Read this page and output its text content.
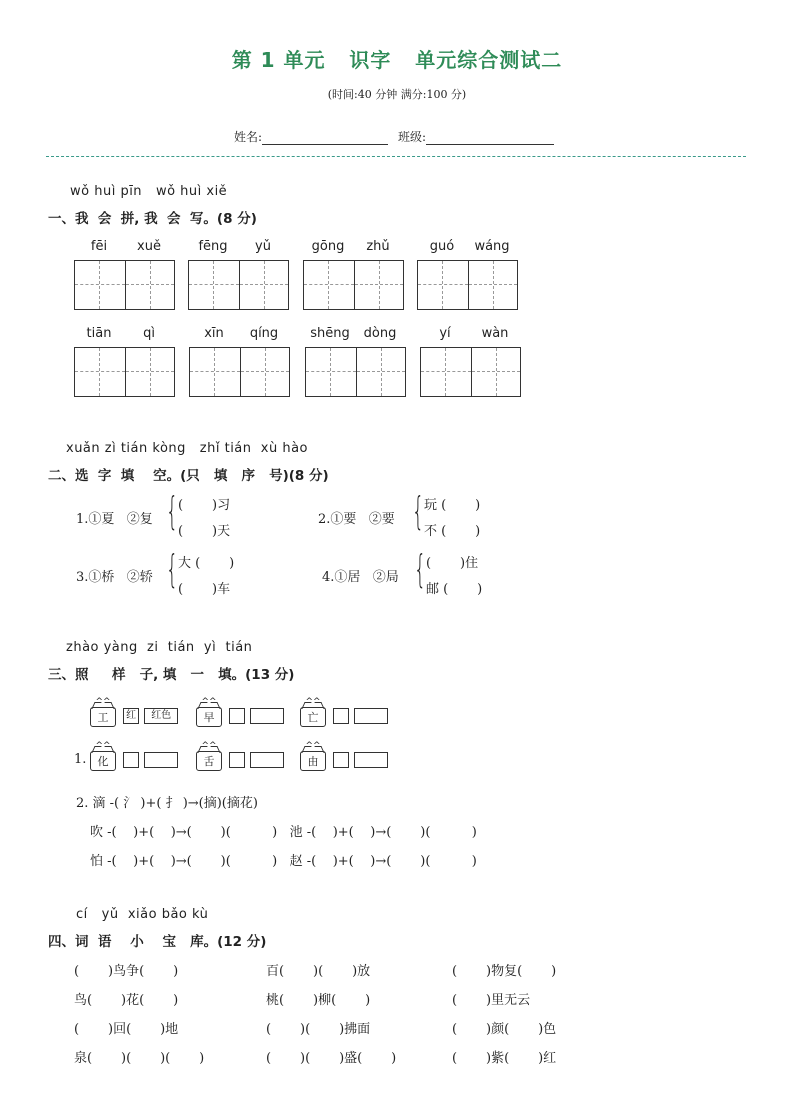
第 1 单元   识字   单元综合测试二
(时间:40 分钟 满分:100 分)
姓名:	班级:
wǒ huì pīn   wǒ huì xiě
一、我  会  拼, 我  会  写。(8 分)
fēi	xuě	fēng	yǔ	gōng	zhǔ	guó	wáng
tiān	qì	xīn	qíng	shēng	dòng	yí	wàn
xuǎn zì tián kòng   zhǐ tián  xù hào
二、选  字  填    空。(只   填   序   号)(8 分)
1.①夏   ②复 { (       )习
(       )天
2.①要   ②要 { 玩 (       )
不 (       )
3.①桥   ②轿 { 大 (       )
(       )车
4.①居   ②局 { (       )住
邮 (       )
zhào yàng  zi  tián  yì  tián
三、照     样   子, 填   一   填。(13 分)
^^
工	红 红色
^^
早

^^
亡

1.
^^
化

^^
舌

^^
由

2. 滴 -( 氵 )+( 扌 )→(摘)(摘花)
吹 -(    )+(    )→(       )(          )   池 -(    )+(    )→(       )(          )
怕 -(    )+(    )→(       )(          )   赵 -(    )+(    )→(       )(          )
cí   yǔ  xiǎo bǎo kù
四、词  语    小    宝   库。(12 分)
(       )鸟争(       )	百(       )(       )放	(       )物复(       )
鸟(       )花(       )	桃(       )柳(       )	(       )里无云
(       )回(       )地	(       )(       )拂面	(       )颜(       )色
泉(       )(       )(       )	(       )(       )盛(       )	(       )紫(       )红
